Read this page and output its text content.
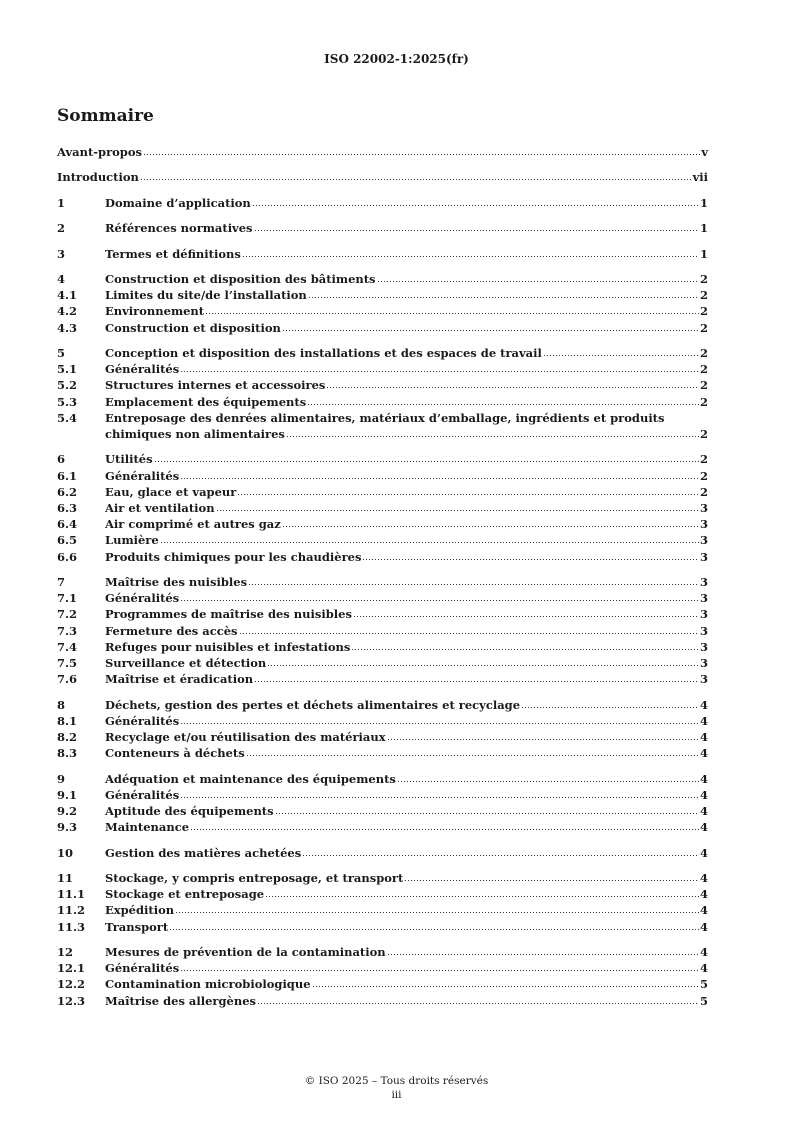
ISO 22002-1:2025(fr)
Sommaire
Avant-propos	v
Introduction	vii
1	Domaine d’application	1
2	Références normatives	1
3	Termes et définitions	1
4	Construction et disposition des bâtiments	2
4.1 Limites du site/de l’installation	2
4.2 Environnement	2
4.3 Construction et disposition	2
5	Conception et disposition des installations et des espaces de travail	2
5.1 Généralités	2
5.2 Structures internes et accessoires	2
5.3 Emplacement des équipements	2
5.4	Entreposage des denrées alimentaires, matériaux d’emballage, ingrédients et produits
chimiques non alimentaires	2
6	Utilités	2
6.1 Généralités	2
6.2 Eau, glace et vapeur	2
6.3 Air et ventilation	3
6.4 Air comprimé et autres gaz	3
6.5 Lumière	3
6.6 Produits chimiques pour les chaudières	3
7	Maîtrise des nuisibles	3
7.1 Généralités	3
7.2 Programmes de maîtrise des nuisibles	3
7.3 Fermeture des accès	3
7.4 Refuges pour nuisibles et infestations	3
7.5 Surveillance et détection	3
7.6 Maîtrise et éradication	3
8	Déchets, gestion des pertes et déchets alimentaires et recyclage	4
8.1 Généralités	4
8.2 Recyclage et/ou réutilisation des matériaux	4
8.3 Conteneurs à déchets	4
9	Adéquation et maintenance des équipements	4
9.1 Généralités	4
9.2 Aptitude des équipements	4
9.3 Maintenance	4
10	Gestion des matières achetées	4
11	Stockage, y compris entreposage, et transport	4
11.1 Stockage et entreposage	4
11.2 Expédition	4
11.3 Transport	4
12	Mesures de prévention de la contamination	4
12.1 Généralités	4
12.2 Contamination microbiologique	5
12.3 Maîtrise des allergènes	5
© ISO 2025 – Tous droits réservés
iii
